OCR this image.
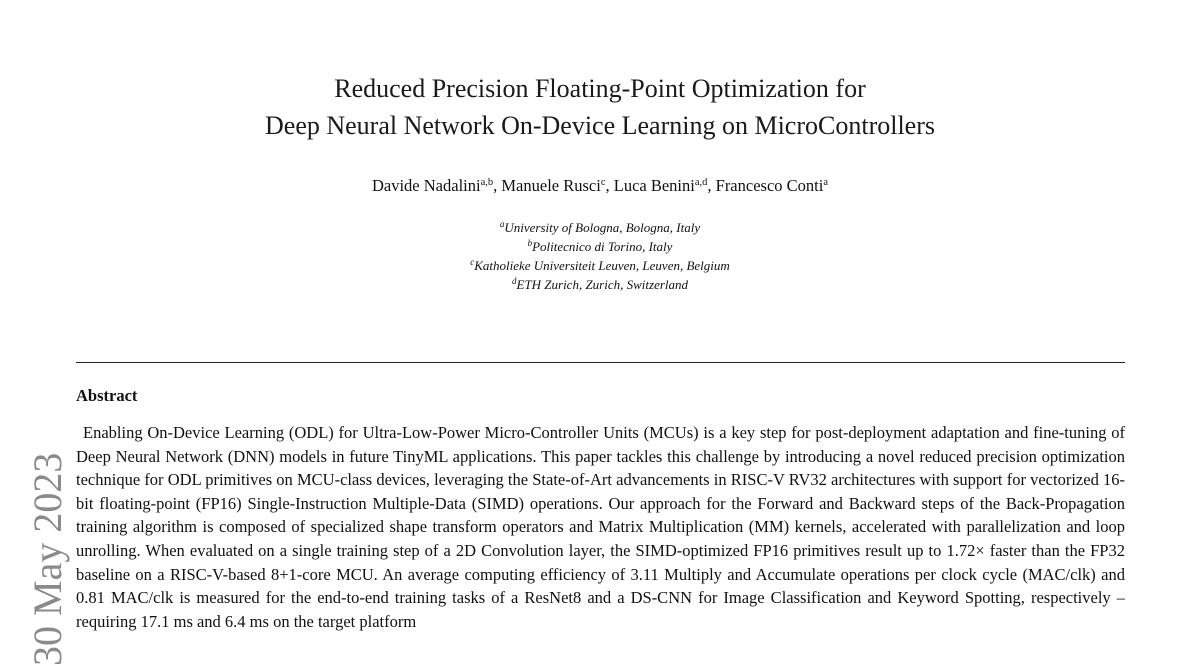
Reduced Precision Floating-Point Optimization for
Deep Neural Network On-Device Learning on MicroControllers
Davide Nadalini$^{a,b}$, Manuele Rusci$^c$, Luca Benini$^{a,d}$, Francesco Conti$^a$
$^a$University of Bologna, Bologna, Italy
$^b$Politecnico di Torino, Italy
$^c$Katholieke Universiteit Leuven, Leuven, Belgium
$^d$ETH Zurich, Zurich, Switzerland
Abstract
Enabling On-Device Learning (ODL) for Ultra-Low-Power Micro-Controller Units (MCUs) is a key step for post-deployment adaptation and fine-tuning of Deep Neural Network (DNN) models in future TinyML applications. This paper tackles this challenge by introducing a novel reduced precision optimization technique for ODL primitives on MCU-class devices, leveraging the State-of-Art advancements in RISC-V RV32 architectures with support for vectorized 16-bit floating-point (FP16) Single-Instruction Multiple-Data (SIMD) operations. Our approach for the Forward and Backward steps of the Back-Propagation training algorithm is composed of specialized shape transform operators and Matrix Multiplication (MM) kernels, accelerated with parallelization and loop unrolling. When evaluated on a single training step of a 2D Convolution layer, the SIMD-optimized FP16 primitives result up to 1.72× faster than the FP32 baseline on a RISC-V-based 8+1-core MCU. An average computing efficiency of 3.11 Multiply and Accumulate operations per clock cycle (MAC/clk) and 0.81 MAC/clk is measured for the end-to-end training tasks of a ResNet8 and a DS-CNN for Image Classification and Keyword Spotting, respectively – requiring 17.1 ms and 6.4 ms on the target platform
30 May 2023
